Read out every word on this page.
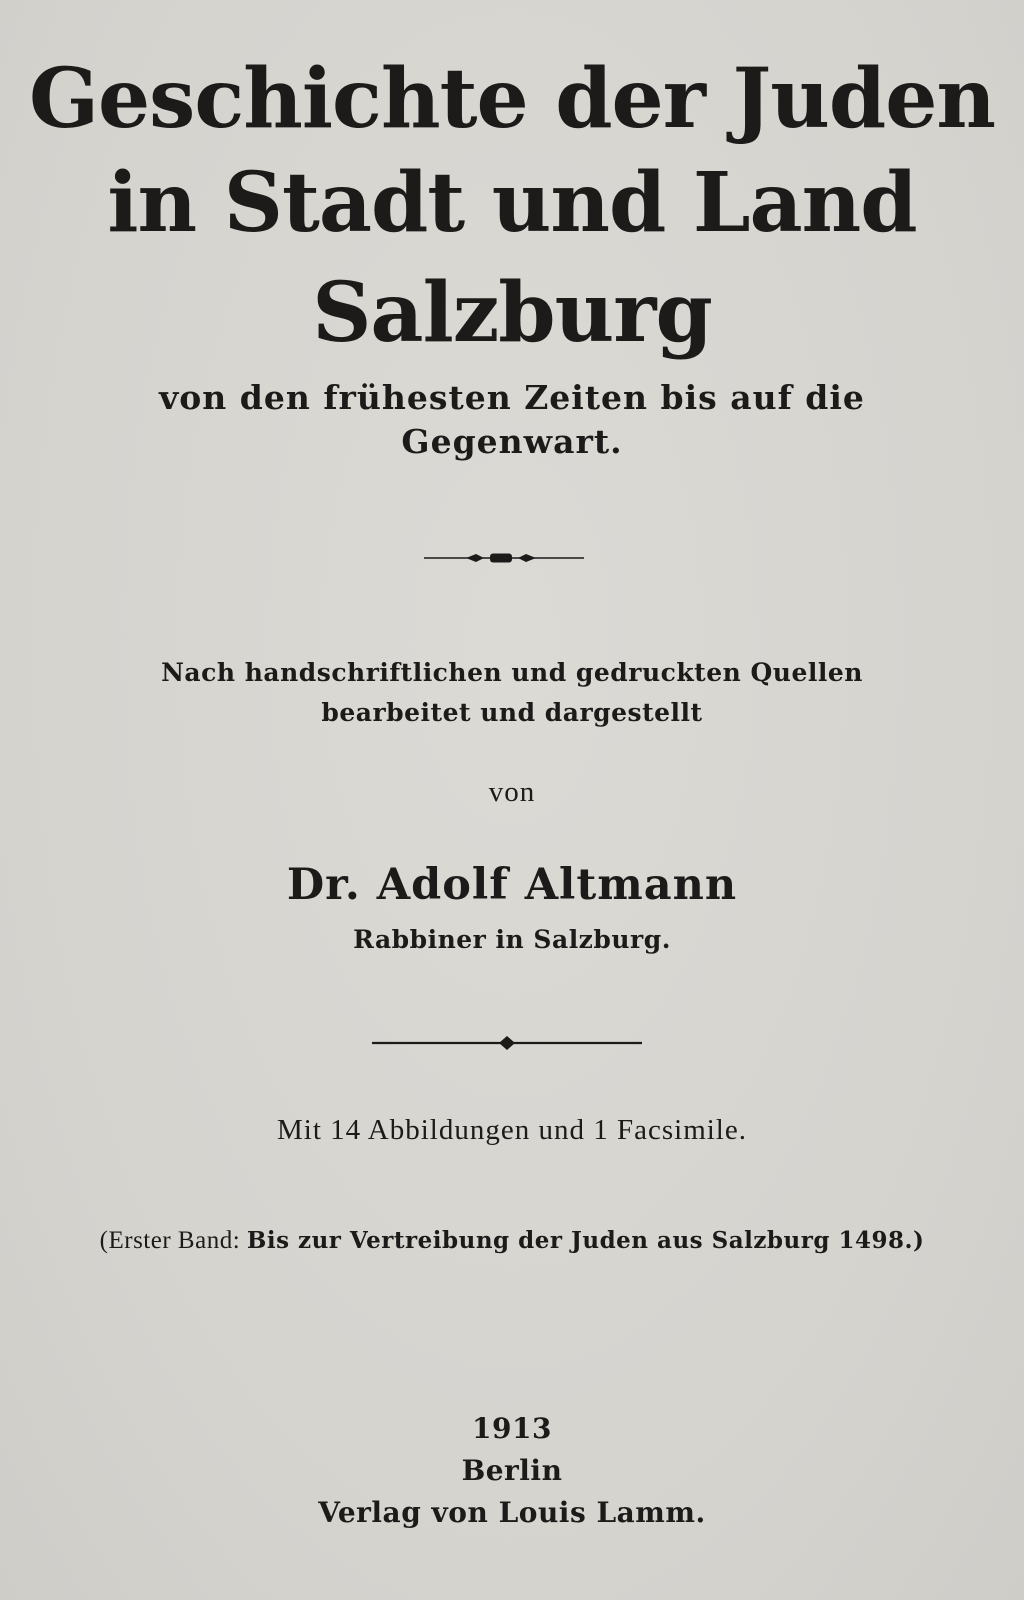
Geschichte der Juden
in Stadt und Land
Salzburg
von den frühesten Zeiten bis auf die
Gegenwart.
Nach handschriftlichen und gedruckten Quellen
bearbeitet und dargestellt
von
Dr. Adolf Altmann
Rabbiner in Salzburg.
Mit 14 Abbildungen und 1 Facsimile.
(Erster Band: Bis zur Vertreibung der Juden aus Salzburg 1498.)
1913
Berlin
Verlag von Louis Lamm.
